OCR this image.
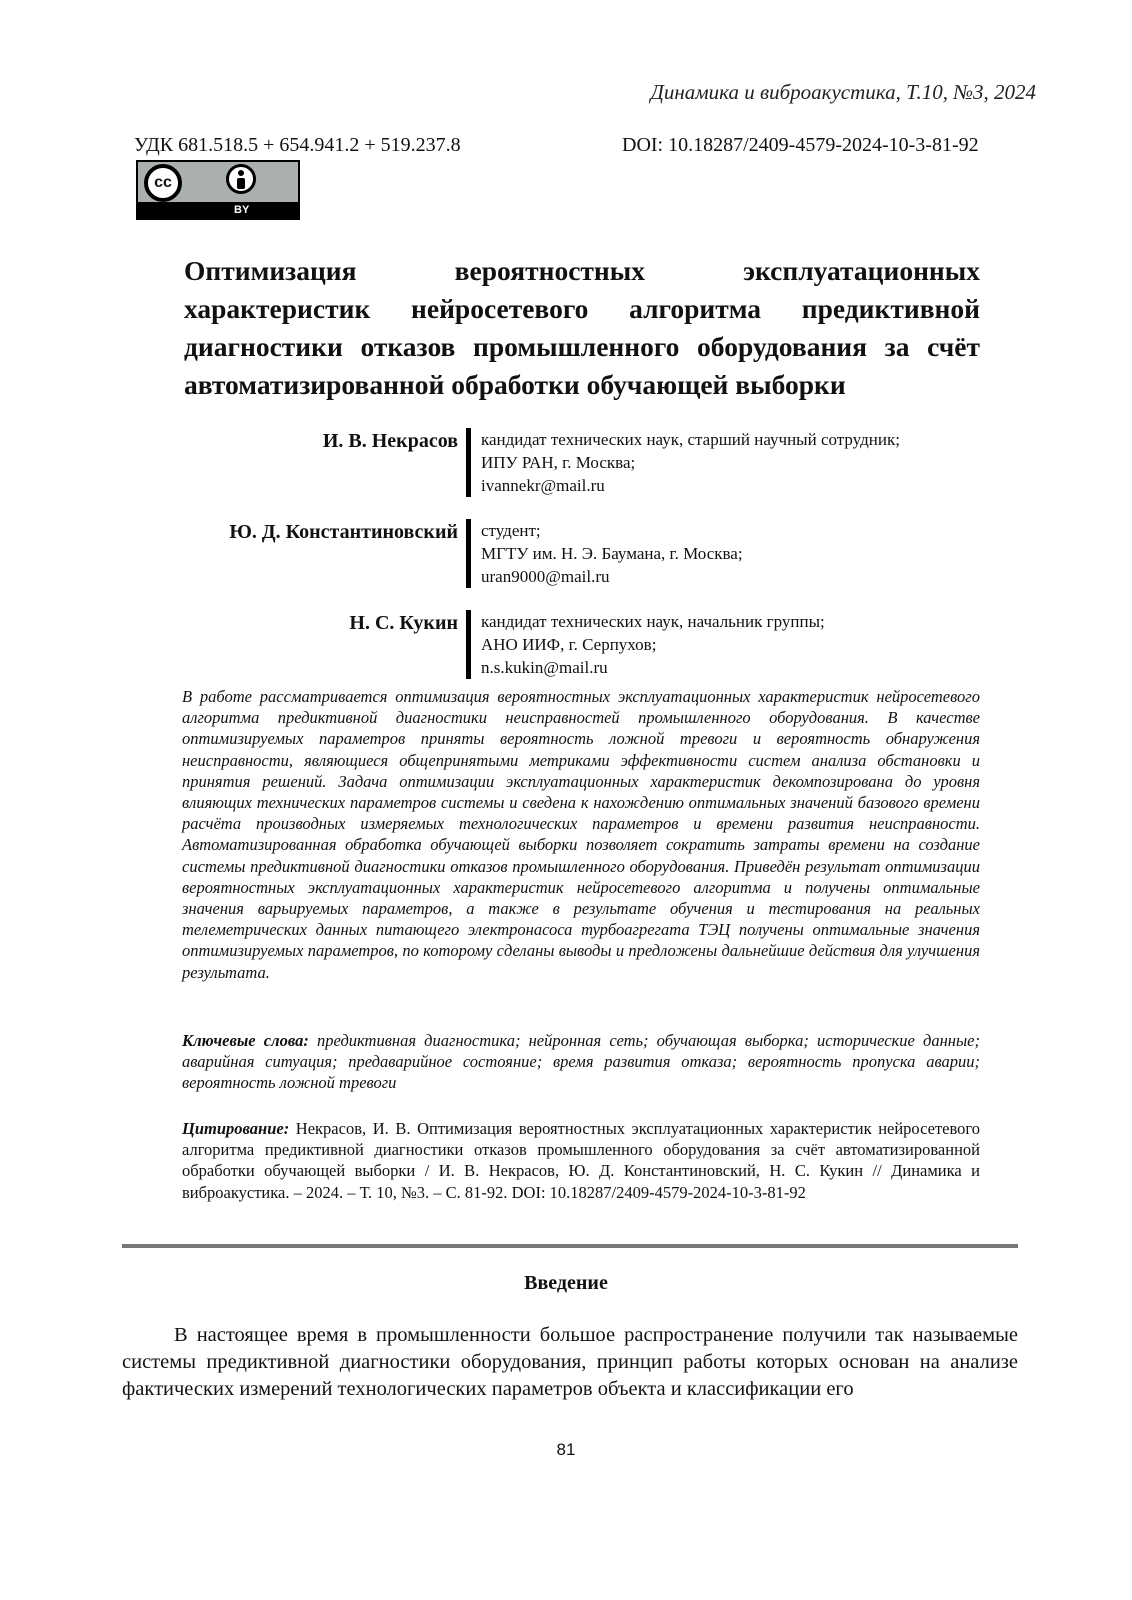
Динамика и виброакустика, Т.10, №3, 2024
УДК 681.518.5 + 654.941.2 + 519.237.8	DOI: 10.18287/2409-4579-2024-10-3-81-92
cc
BY
Оптимизация вероятностных эксплуатационных характеристик нейросетевого алгоритма предиктивной диагностики отказов промышленного оборудования за счёт автоматизированной обработки обучающей выборки
И. В. Некрасов	кандидат технических наук, старший научный сотрудник;
ИПУ РАН, г. Москва;
ivannekr@mail.ru
Ю. Д. Константиновский	студент;
МГТУ им. Н. Э. Баумана, г. Москва;
uran9000@mail.ru
Н. С. Кукин	кандидат технических наук, начальник группы;
АНО ИИФ, г. Серпухов;
n.s.kukin@mail.ru
В работе рассматривается оптимизация вероятностных эксплуатационных характеристик нейросетевого алгоритма предиктивной диагностики неисправностей промышленного оборудования. В качестве оптимизируемых параметров приняты вероятность ложной тревоги и вероятность обнаружения неисправности, являющиеся общепринятыми метриками эффективности систем анализа обстановки и принятия решений. Задача оптимизации эксплуатационных характеристик декомпозирована до уровня влияющих технических параметров системы и сведена к нахождению оптимальных значений базового времени расчёта производных измеряемых технологических параметров и времени развития неисправности. Автоматизированная обработка обучающей выборки позволяет сократить затраты времени на создание системы предиктивной диагностики отказов промышленного оборудования. Приведён результат оптимизации вероятностных эксплуатационных характеристик нейросетевого алгоритма и получены оптимальные значения варьируемых параметров, а также в результате обучения и тестирования на реальных телеметрических данных питающего электронасоса турбоагрегата ТЭЦ получены оптимальные значения оптимизируемых параметров, по которому сделаны выводы и предложены дальнейшие действия для улучшения результата.
Ключевые слова: предиктивная диагностика; нейронная сеть; обучающая выборка; исторические данные; аварийная ситуация; предаварийное состояние; время развития отказа; вероятность пропуска аварии; вероятность ложной тревоги
Цитирование: Некрасов, И. В. Оптимизация вероятностных эксплуатационных характеристик нейросетевого алгоритма предиктивной диагностики отказов промышленного оборудования за счёт автоматизированной обработки обучающей выборки / И. В. Некрасов, Ю. Д. Константиновский, Н. С. Кукин // Динамика и виброакустика. – 2024. – Т. 10, №3. – С. 81-92. DOI: 10.18287/2409-4579-2024-10-3-81-92
Введение
В настоящее время в промышленности большое распространение получили так называемые системы предиктивной диагностики оборудования, принцип работы которых основан на анализе фактических измерений технологических параметров объекта и классификации его
81
